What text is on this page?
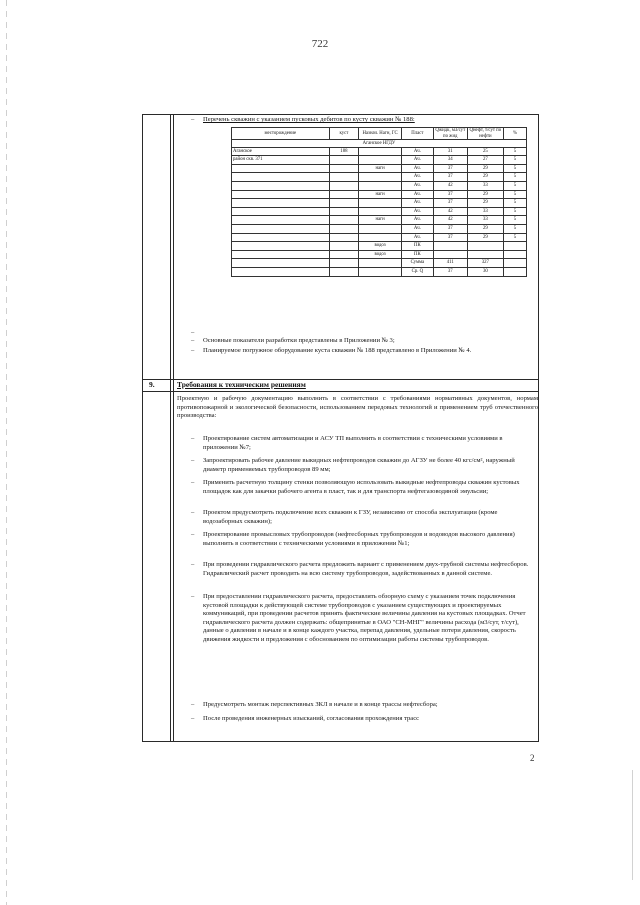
722
– Перечень скважин с указанием пусковых дебитов по кусту скважин № 188:
месторождение	куст	Назнач. Нагн, ГС	Пласт	Qжидк, м3/сут по жид	Qнефт, т/сут по нефти	%
Аганское НГДУ						
Аганское	188		Ач.	31	25	5
район скв. 371			Ач.	34	27	5
		нагн	Ач.	37	29	5
			Ач.	37	29	5
			Ач.	42	33	5
		нагн	Ач.	37	29	5
			Ач.	37	29	5
			Ач.	42	33	5
		нагн	Ач.	42	33	5
			Ач.	37	29	5
			Ач.	37	29	5
		водоз	ПК			
		водоз	ПК			
			Сумма	411	327	
			Ср. Q	37	30	
–
– Основные показатели разработки представлены в Приложении № 3;
– Планируемое погружное оборудование куста скважин № 188 представлено в Приложении № 4.
9.	Требования к техническим решениям
Проектную и рабочую документацию выполнить в соответствии с требованиями нормативных документов, нормам противопожарной и экологической безопасности, использованием передовых технологий и применением труб отечественного производства:
– Проектирование систем автоматизации и АСУ ТП выполнить в соответствии с техническими условиями в приложении №7;
– Запроектировать рабочее давление выкидных нефтепроводов скважин до АГЗУ не более 40 кгс/см², наружный диаметр применяемых трубопроводов 89 мм;
– Применить расчетную толщину стенки позволяющую использовать выкидные нефтепроводы скважин кустовых площадок как для закачки рабочего агента в пласт, так и для транспорта нефтегазоводяной эмульсии;
– Проектом предусмотреть подключение всех скважин к ГЗУ, независимо от способа эксплуатации (кроме водозаборных скважин);
– Проектирование промысловых трубопроводов (нефтесборных трубопроводов и водоводов высокого давления) выполнить в соответствии с техническими условиями в приложении №1;
– При проведении гидравлического расчета предложить вариант с применением двух-трубной системы нефтесборов. Гидравлический расчет проводить на всю систему трубопроводов, задействованных в данной системе.
– При предоставлении гидравлического расчета, предоставлять обзорную схему с указанием точек подключения кустовой площадки к действующей системе трубопроводов с указанием существующих и проектируемых коммуникаций, при проведении расчетов принять фактические величины давления на кустовых площадках. Отчет гидравлического расчета должен содержать: общепринятые в ОАО "СН-МНГ" величины расхода (м3/сут, т/сут), данные о давлении в начале и в конце каждого участка, перепад давления, удельные потери давления, скорость движения жидкости и предложения с обоснованием по оптимизации работы системы трубопроводов.
– Предусмотреть монтаж перспективных ЗКЛ в начале и в конце трассы нефтесбора;
– После проведения инженерных изысканий, согласования прохождения трасс
2
